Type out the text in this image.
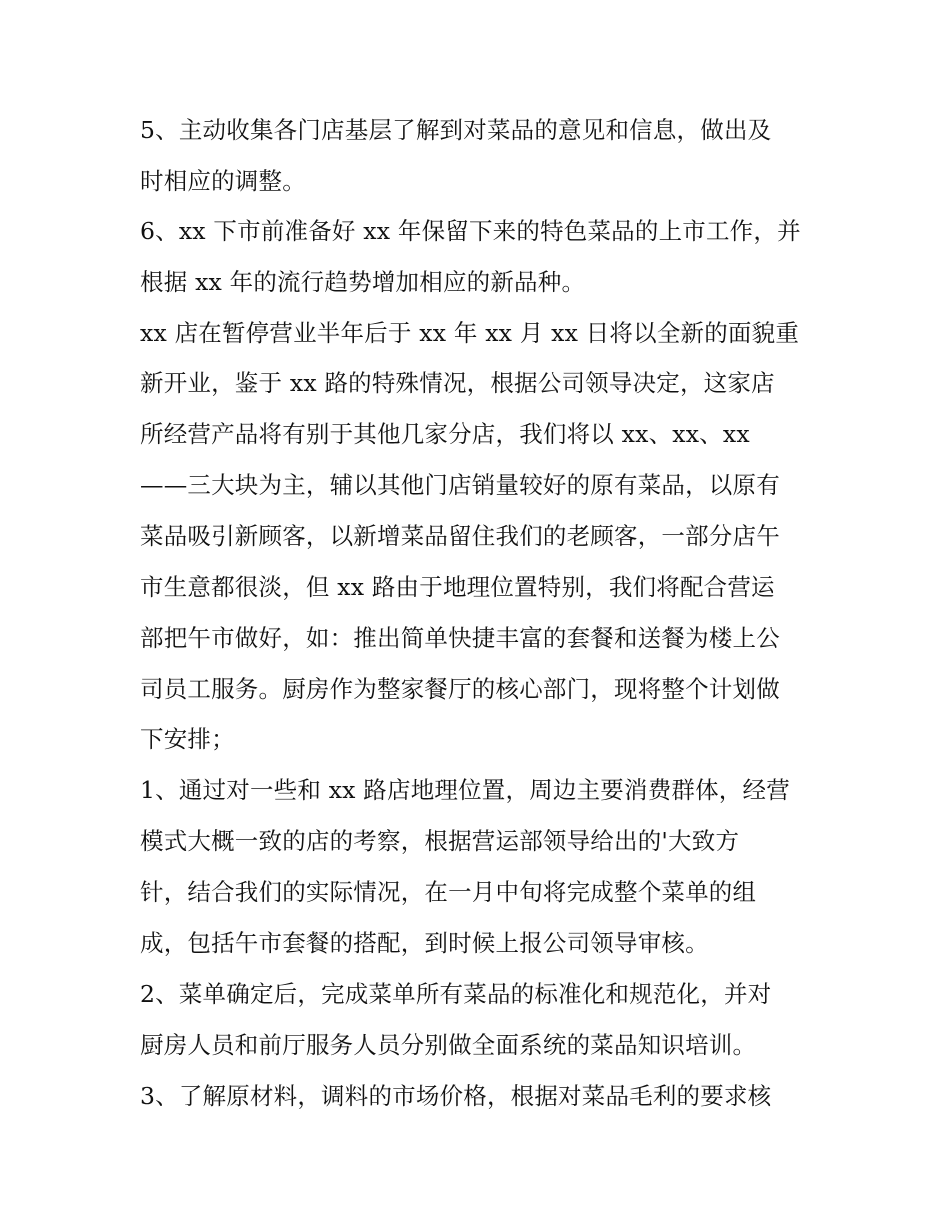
5、主动收集各门店基层了解到对菜品的意见和信息，做出及
时相应的调整。
6、xx 下市前准备好 xx 年保留下来的特色菜品的上市工作，并
根据 xx 年的流行趋势增加相应的新品种。
xx 店在暂停营业半年后于 xx 年 xx 月 xx 日将以全新的面貌重
新开业，鉴于 xx 路的特殊情况，根据公司领导决定，这家店
所经营产品将有别于其他几家分店，我们将以 xx、xx、xx
——三大块为主，辅以其他门店销量较好的原有菜品，以原有
菜品吸引新顾客，以新增菜品留住我们的老顾客，一部分店午
市生意都很淡，但 xx 路由于地理位置特别，我们将配合营运
部把午市做好，如：推出简单快捷丰富的套餐和送餐为楼上公
司员工服务。厨房作为整家餐厅的核心部门，现将整个计划做
下安排；
1、通过对一些和 xx 路店地理位置，周边主要消费群体，经营
模式大概一致的店的考察，根据营运部领导给出的'大致方
针，结合我们的实际情况，在一月中旬将完成整个菜单的组
成，包括午市套餐的搭配，到时候上报公司领导审核。
2、菜单确定后，完成菜单所有菜品的标准化和规范化，并对
厨房人员和前厅服务人员分别做全面系统的菜品知识培训。
3、了解原材料，调料的市场价格，根据对菜品毛利的要求核
